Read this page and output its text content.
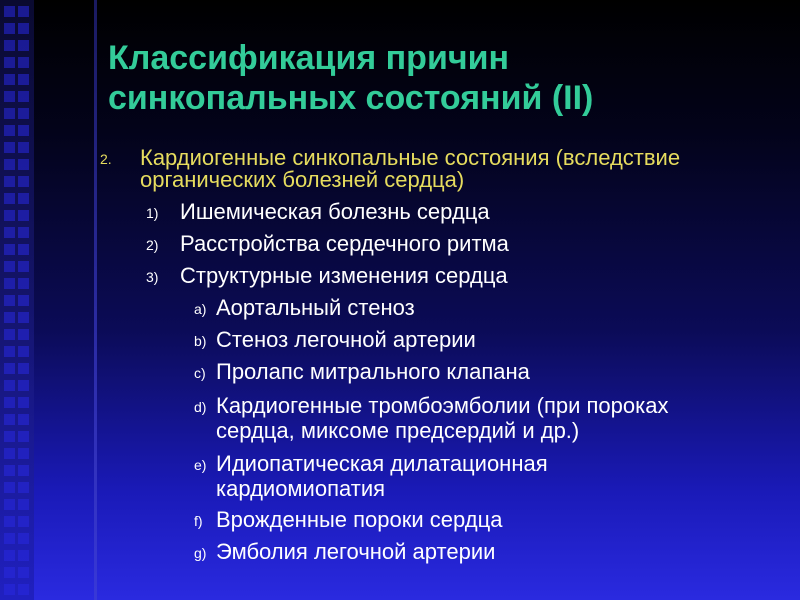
Классификация причин
синкопальных состояний (II)
2. Кардиогенные синкопальные состояния (вследствие
органических болезней сердца)
1) Ишемическая болезнь сердца
2) Расстройства сердечного ритма
3) Структурные изменения сердца
a) Аортальный стеноз
b) Стеноз легочной артерии
c) Пролапс митрального клапана
d) Кардиогенные тромбоэмболии (при пороках
сердца, миксоме предсердий и др.)
e) Идиопатическая дилатационная
кардиомиопатия
f) Врожденные пороки сердца
g) Эмболия легочной артерии
